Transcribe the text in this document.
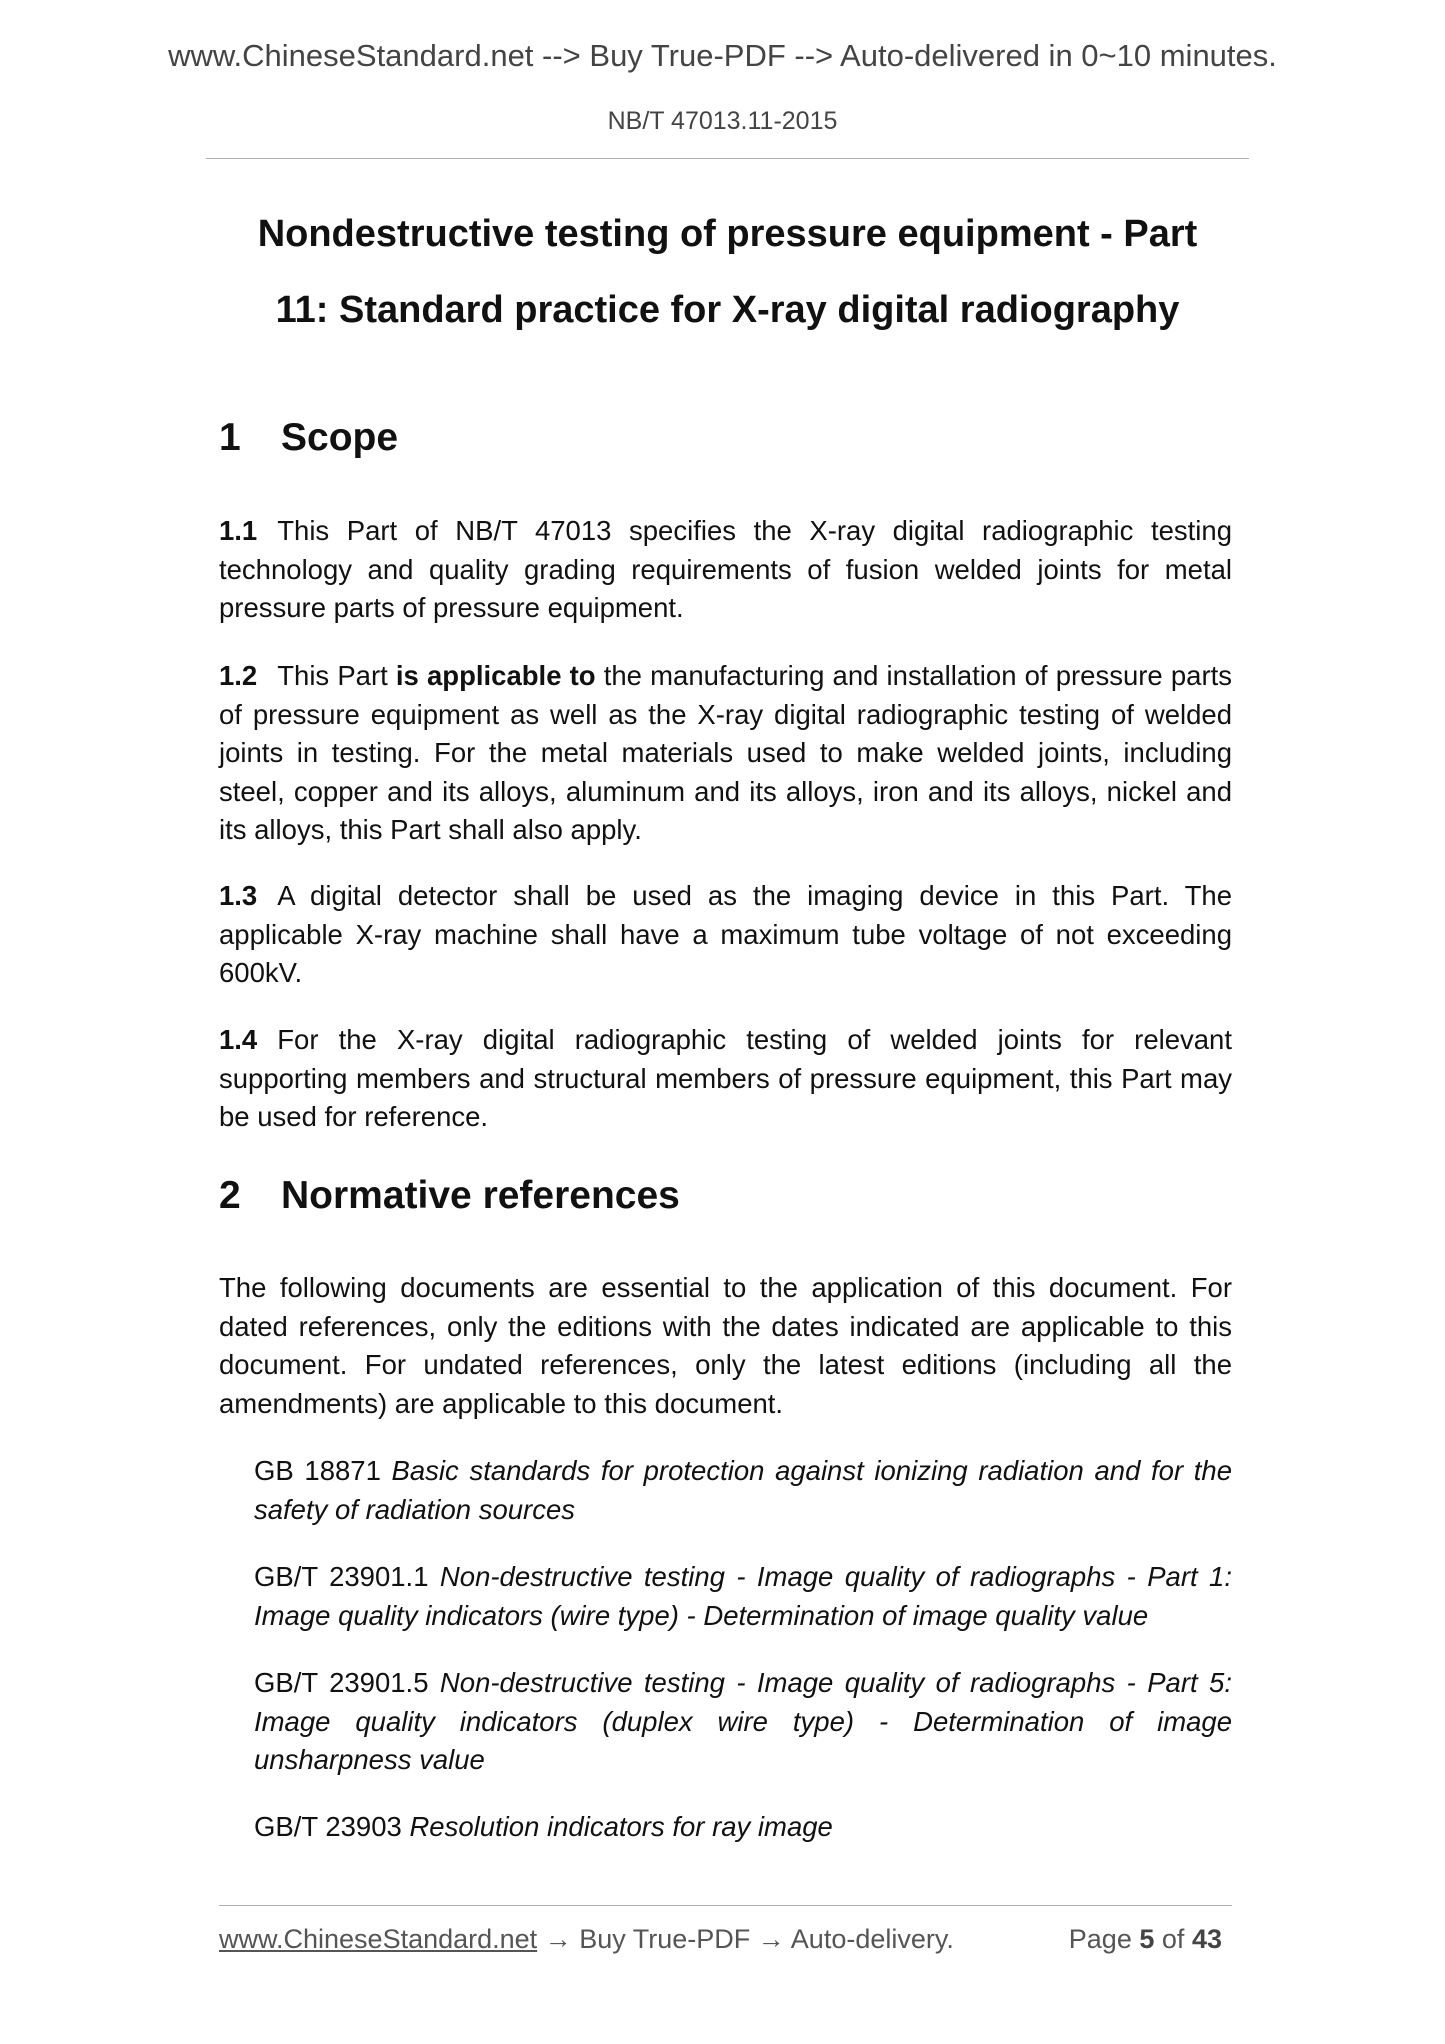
www.ChineseStandard.net --> Buy True-PDF --> Auto-delivered in 0~10 minutes.
NB/T 47013.11-2015
Nondestructive testing of pressure equipment - Part
11: Standard practice for X-ray digital radiography
1 Scope
1.1 This Part of NB/T 47013 specifies the X-ray digital radiographic testing technology and quality grading requirements of fusion welded joints for metal pressure parts of pressure equipment.
1.2 This Part is applicable to the manufacturing and installation of pressure parts of pressure equipment as well as the X-ray digital radiographic testing of welded joints in testing. For the metal materials used to make welded joints, including steel, copper and its alloys, aluminum and its alloys, iron and its alloys, nickel and its alloys, this Part shall also apply.
1.3 A digital detector shall be used as the imaging device in this Part. The applicable X-ray machine shall have a maximum tube voltage of not exceeding 600kV.
1.4 For the X-ray digital radiographic testing of welded joints for relevant supporting members and structural members of pressure equipment, this Part may be used for reference.
2 Normative references
The following documents are essential to the application of this document. For dated references, only the editions with the dates indicated are applicable to this document. For undated references, only the latest editions (including all the amendments) are applicable to this document.
GB 18871 Basic standards for protection against ionizing radiation and for the safety of radiation sources
GB/T 23901.1 Non-destructive testing - Image quality of radiographs - Part 1: Image quality indicators (wire type) - Determination of image quality value
GB/T 23901.5 Non-destructive testing - Image quality of radiographs - Part 5: Image quality indicators (duplex wire type) - Determination of image unsharpness value
GB/T 23903 Resolution indicators for ray image
www.ChineseStandard.net → Buy True-PDF → Auto-delivery.	Page 5 of 43
